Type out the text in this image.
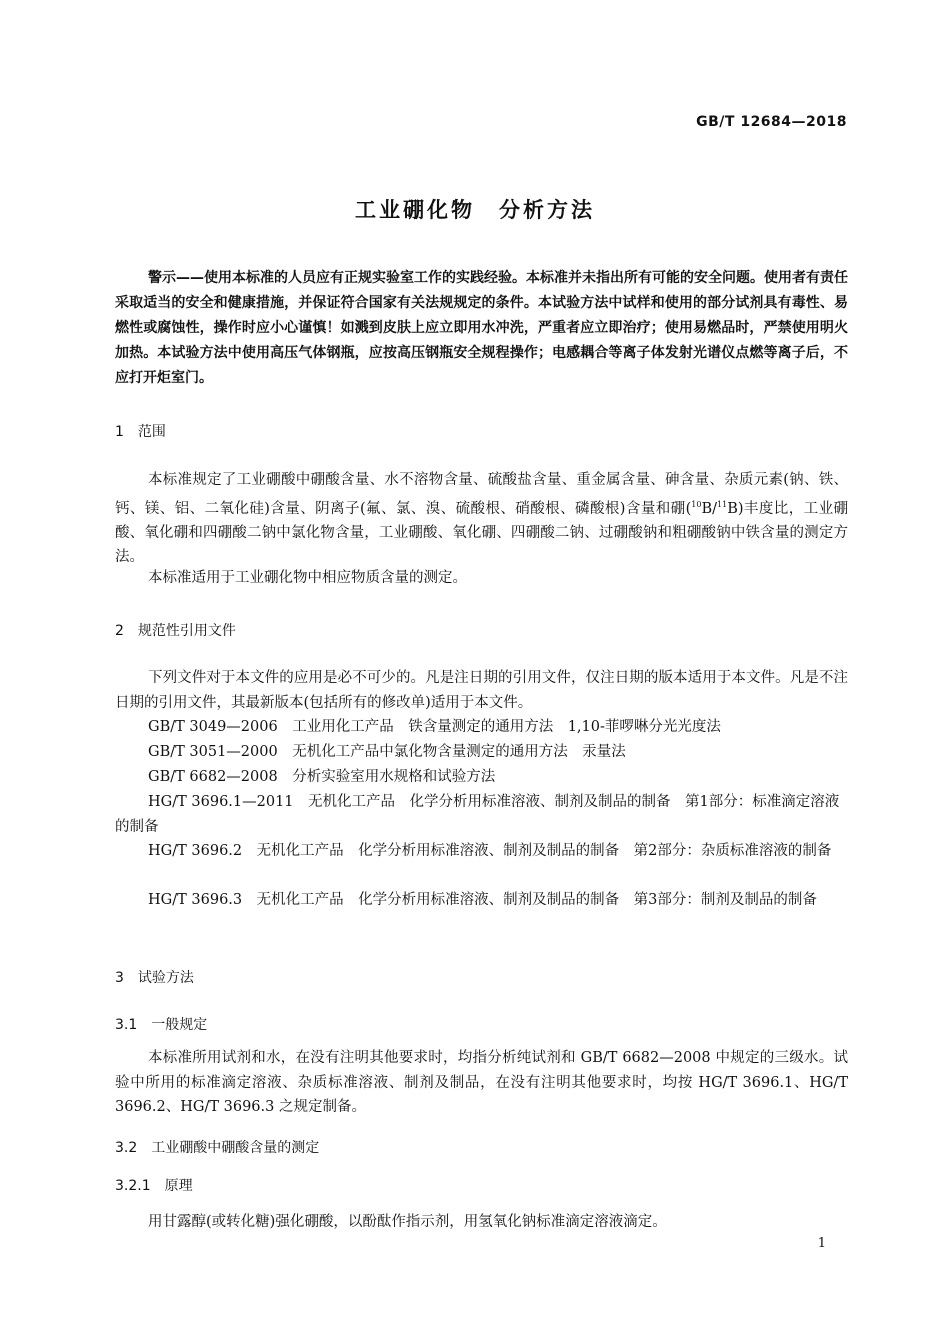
GB/T 12684—2018
工业硼化物　分析方法
警示——使用本标准的人员应有正规实验室工作的实践经验。本标准并未指出所有可能的安全问题。使用者有责任采取适当的安全和健康措施，并保证符合国家有关法规规定的条件。本试验方法中试样和使用的部分试剂具有毒性、易燃性或腐蚀性，操作时应小心谨慎！如溅到皮肤上应立即用水冲洗，严重者应立即治疗；使用易燃品时，严禁使用明火加热。本试验方法中使用高压气体钢瓶，应按高压钢瓶安全规程操作；电感耦合等离子体发射光谱仪点燃等离子后，不应打开炬室门。
1　范围
本标准规定了工业硼酸中硼酸含量、水不溶物含量、硫酸盐含量、重金属含量、砷含量、杂质元素(钠、铁、钙、镁、铝、二氧化硅)含量、阴离子(氟、氯、溴、硫酸根、硝酸根、磷酸根)含量和硼($^{10}$B/$^{11}$B)丰度比，工业硼酸、氧化硼和四硼酸二钠中氯化物含量，工业硼酸、氧化硼、四硼酸二钠、过硼酸钠和粗硼酸钠中铁含量的测定方法。
本标准适用于工业硼化物中相应物质含量的测定。
2　规范性引用文件
下列文件对于本文件的应用是必不可少的。凡是注日期的引用文件，仅注日期的版本适用于本文件。凡是不注日期的引用文件，其最新版本(包括所有的修改单)适用于本文件。
GB/T 3049—2006　工业用化工产品　铁含量测定的通用方法　1,10-菲啰啉分光光度法
GB/T 3051—2000　无机化工产品中氯化物含量测定的通用方法　汞量法
GB/T 6682—2008　分析实验室用水规格和试验方法
HG/T 3696.1—2011　无机化工产品　化学分析用标准溶液、制剂及制品的制备　第1部分：标准滴定溶液的制备
HG/T 3696.2　无机化工产品　化学分析用标准溶液、制剂及制品的制备　第2部分：杂质标准溶液的制备
HG/T 3696.3　无机化工产品　化学分析用标准溶液、制剂及制品的制备　第3部分：制剂及制品的制备
3　试验方法
3.1　一般规定
本标准所用试剂和水，在没有注明其他要求时，均指分析纯试剂和 GB/T 6682—2008 中规定的三级水。试验中所用的标准滴定溶液、杂质标准溶液、制剂及制品，在没有注明其他要求时，均按 HG/T 3696.1、HG/T 3696.2、HG/T 3696.3 之规定制备。
3.2　工业硼酸中硼酸含量的测定
3.2.1　原理
用甘露醇(或转化糖)强化硼酸，以酚酞作指示剂，用氢氧化钠标准滴定溶液滴定。
1
